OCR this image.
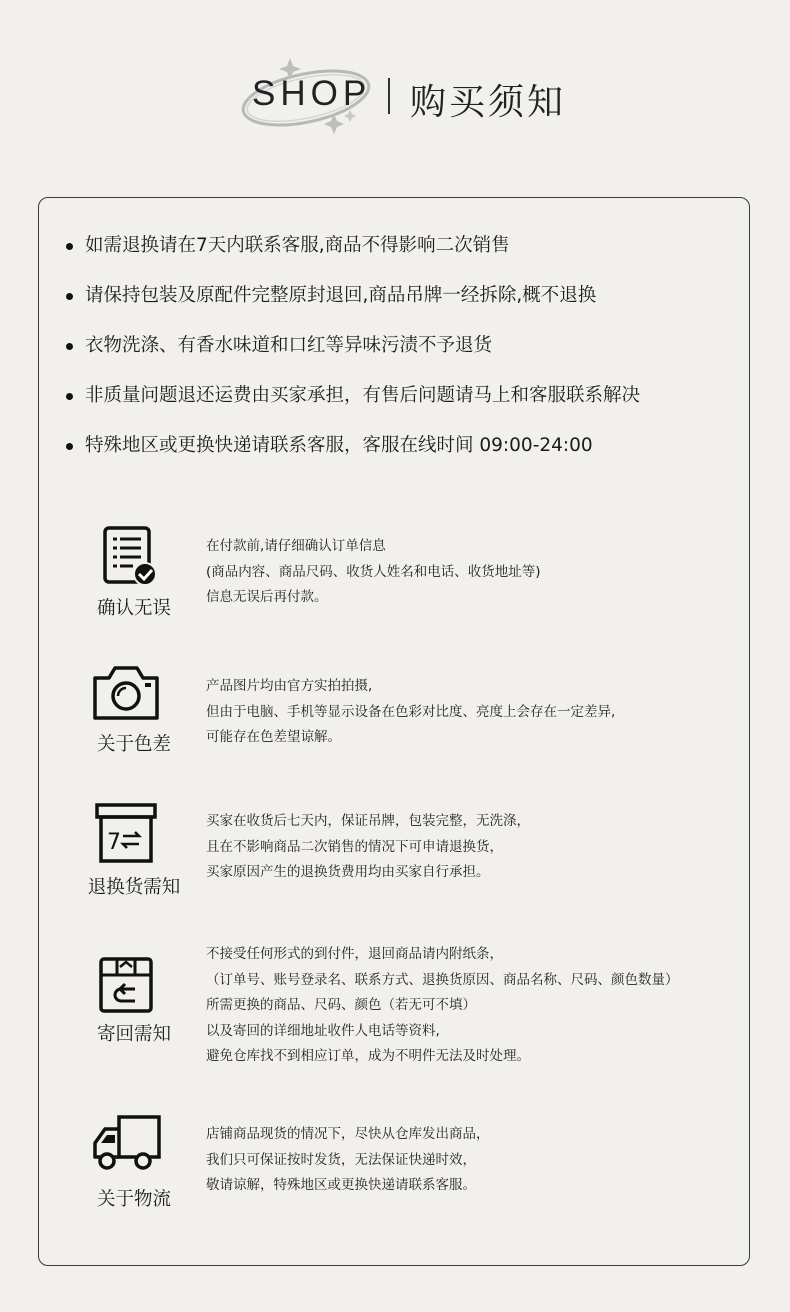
SHOP 购买须知
如需退换请在7天内联系客服,商品不得影响二次销售
请保持包装及原配件完整原封退回,商品吊牌一经拆除,概不退换
衣物洗涤、有香水味道和口红等异味污渍不予退货
非质量问题退还运费由买家承担，有售后问题请马上和客服联系解决
特殊地区或更换快递请联系客服，客服在线时间 09:00-24:00
确认无误
在付款前,请仔细确认订单信息
(商品内容、商品尺码、收货人姓名和电话、收货地址等)
信息无误后再付款。
关于色差
产品图片均由官方实拍拍摄,
但由于电脑、手机等显示设备在色彩对比度、亮度上会存在一定差异,
可能存在色差望谅解。
7
退换货需知
买家在收货后七天内，保证吊牌，包装完整，无洗涤，
且在不影响商品二次销售的情况下可申请退换货，
买家原因产生的退换货费用均由买家自行承担。
寄回需知
不接受任何形式的到付件，退回商品请内附纸条，
（订单号、账号登录名、联系方式、退换货原因、商品名称、尺码、颜色数量）
所需更换的商品、尺码、颜色（若无可不填）
以及寄回的详细地址收件人电话等资料,
避免仓库找不到相应订单，成为不明件无法及时处理。
关于物流
店铺商品现货的情况下，尽快从仓库发出商品，
我们只可保证按时发货，无法保证快递时效，
敬请谅解，特殊地区或更换快递请联系客服。
